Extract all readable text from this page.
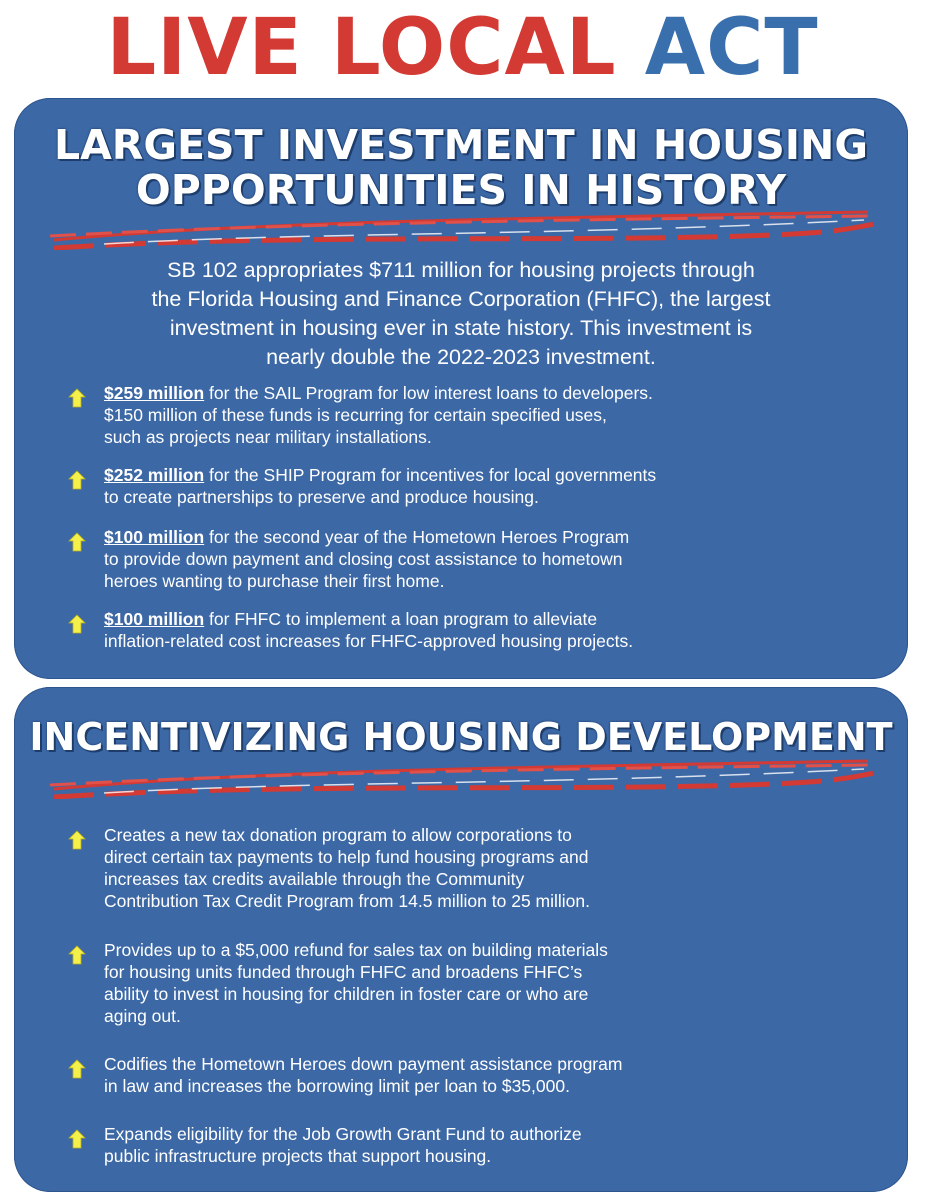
LIVE LOCAL ACT
LARGEST INVESTMENT IN HOUSING
OPPORTUNITIES IN HISTORY

SB 102 appropriates $711 million for housing projects through
the Florida Housing and Finance Corporation (FHFC), the largest
investment in housing ever in state history. This investment is
nearly double the 2022-2023 investment.

$259 million for the SAIL Program for low interest loans to developers.
$150 million of these funds is recurring for certain specified uses,
such as projects near military installations.
$252 million for the SHIP Program for incentives for local governments
to create partnerships to preserve and produce housing.
$100 million for the second year of the Hometown Heroes Program
to provide down payment and closing cost assistance to hometown
heroes wanting to purchase their first home.
$100 million for FHFC to implement a loan program to alleviate
inflation-related cost increases for FHFC-approved housing projects.
INCENTIVIZING HOUSING DEVELOPMENT
Creates a new tax donation program to allow corporations to
direct certain tax payments to help fund housing programs and
increases tax credits available through the Community
Contribution Tax Credit Program from 14.5 million to 25 million.
Provides up to a $5,000 refund for sales tax on building materials
for housing units funded through FHFC and broadens FHFC’s
ability to invest in housing for children in foster care or who are
aging out.
Codifies the Hometown Heroes down payment assistance program
in law and increases the borrowing limit per loan to $35,000.
Expands eligibility for the Job Growth Grant Fund to authorize
public infrastructure projects that support housing.
